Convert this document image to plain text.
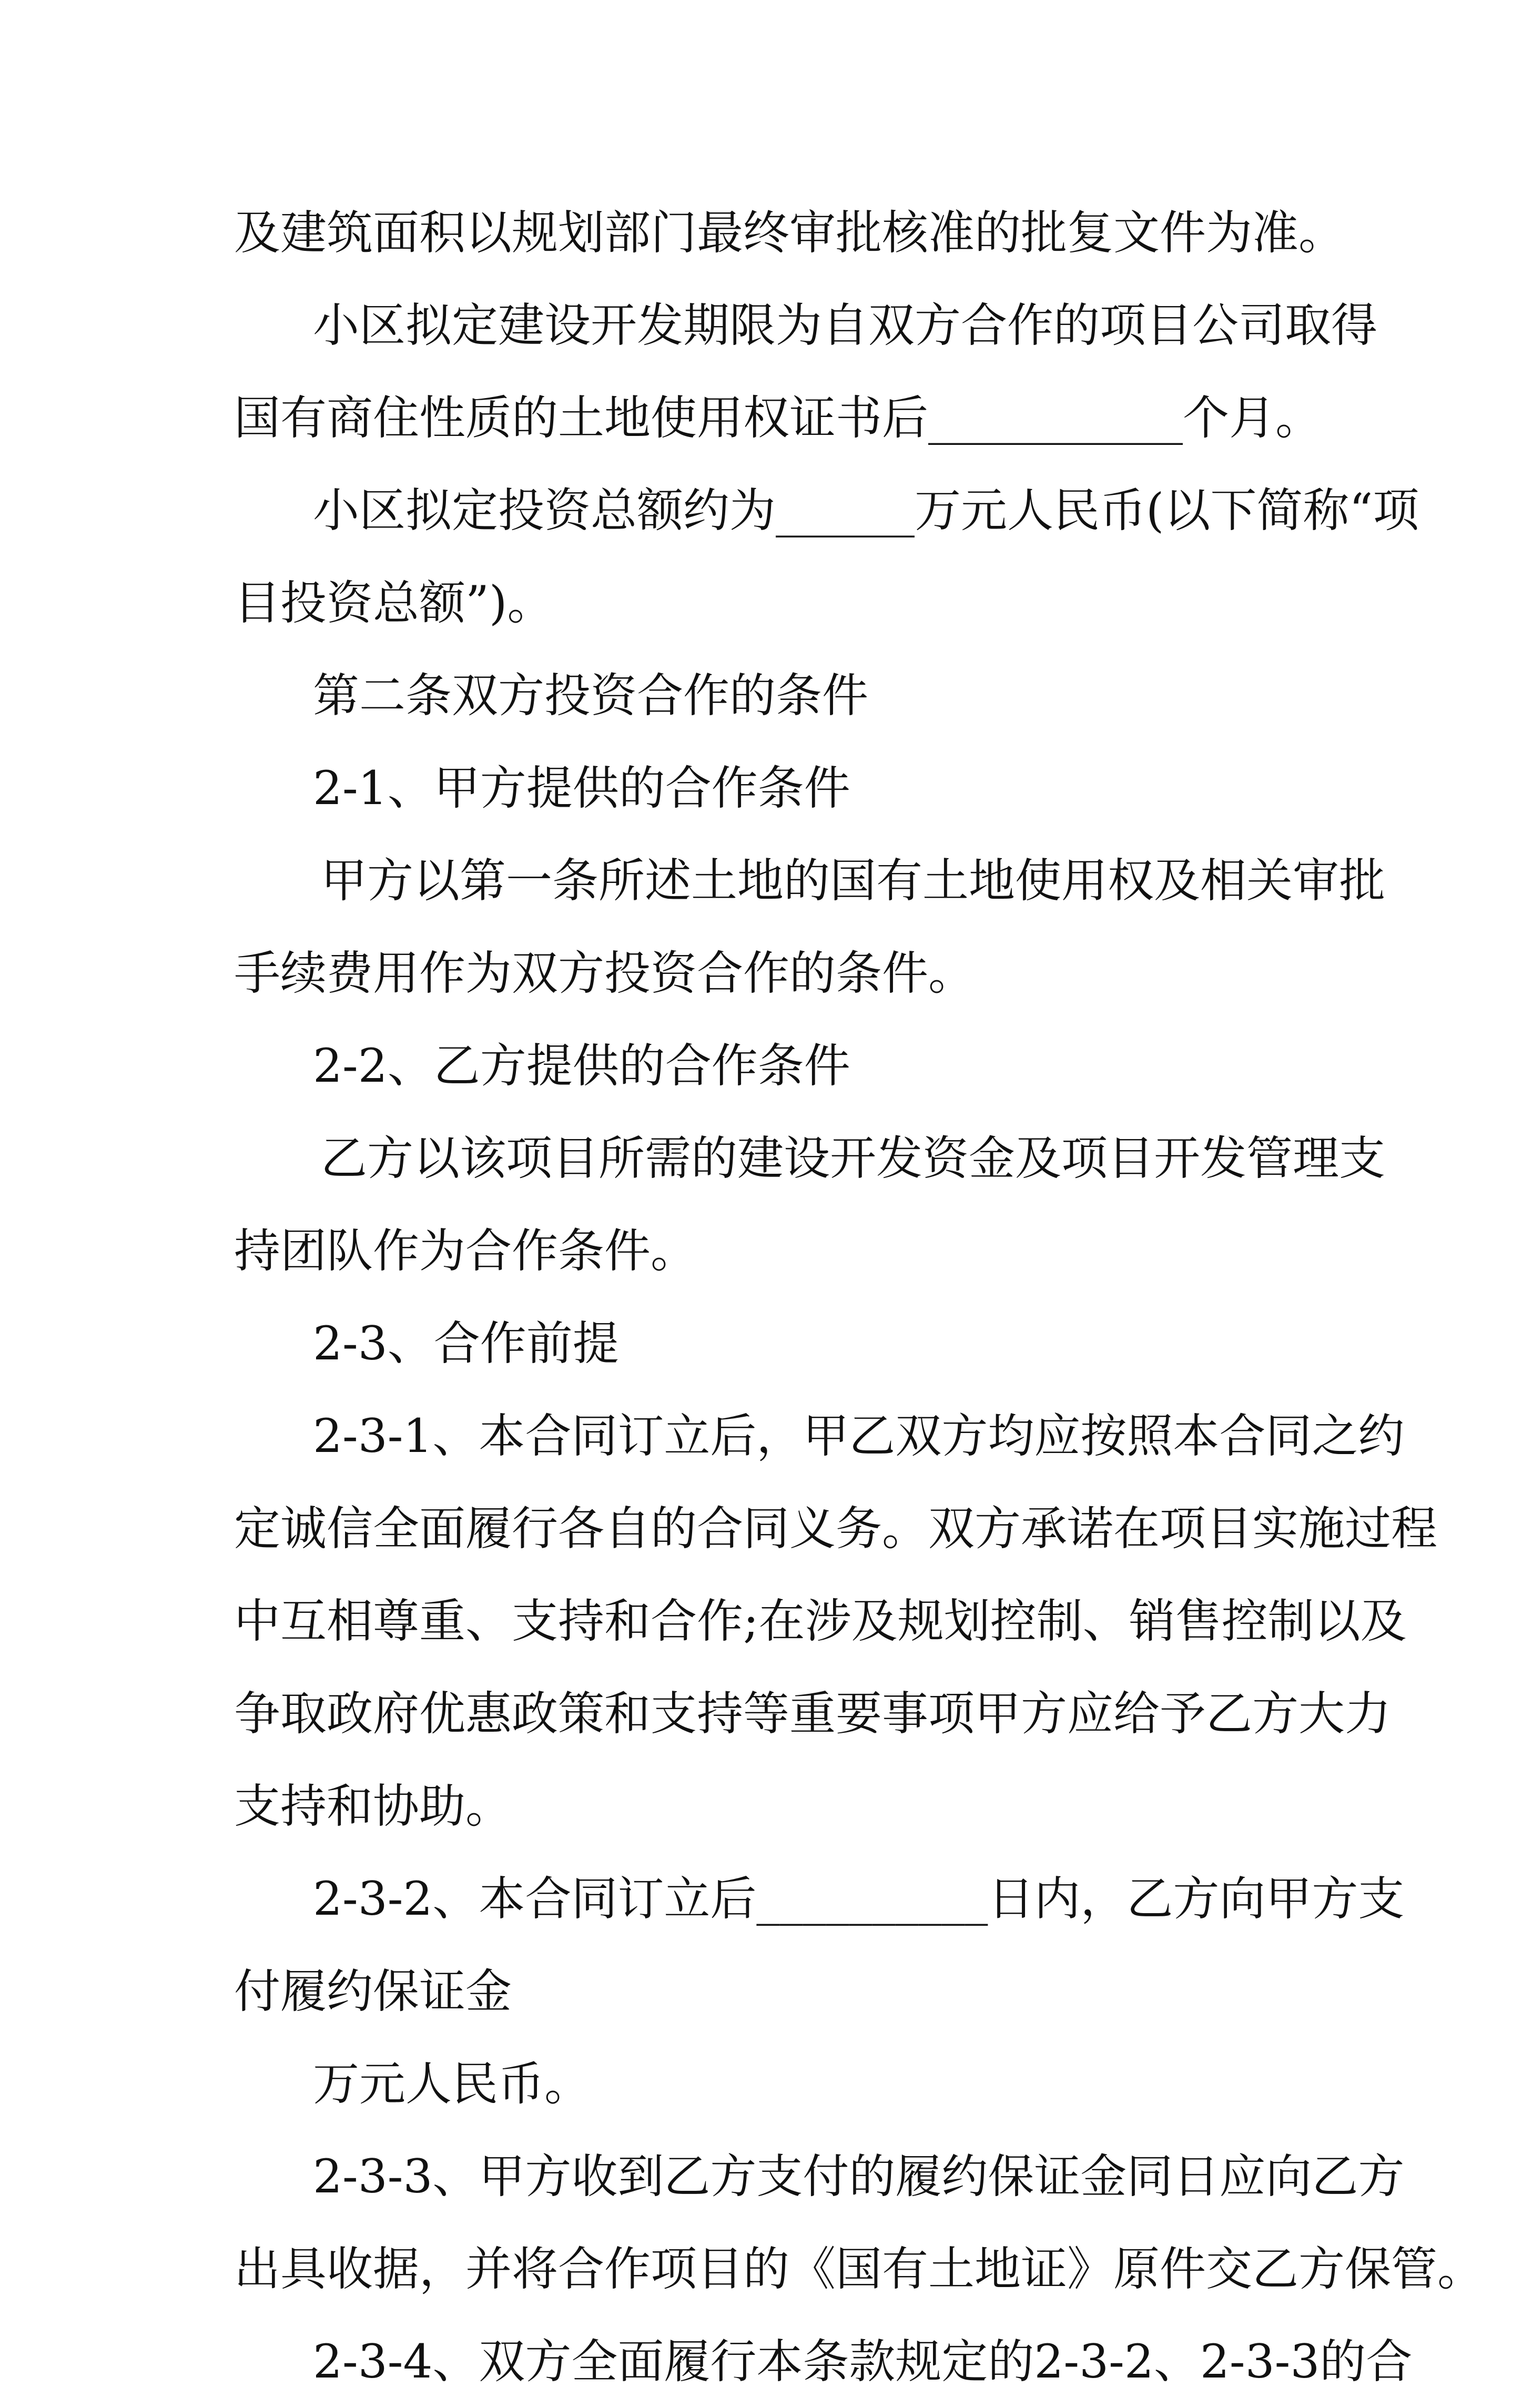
及建筑面积以规划部门最终审批核准的批复文件为准。
小区拟定建设开发期限为自双方合作的项目公司取得
国有商住性质的土地使用权证书后___________个月。
小区拟定投资总额约为______万元人民币(以下简称“项
目投资总额”)。
第二条双方投资合作的条件
2-1、甲方提供的合作条件
甲方以第一条所述土地的国有土地使用权及相关审批
手续费用作为双方投资合作的条件。
2-2、乙方提供的合作条件
乙方以该项目所需的建设开发资金及项目开发管理支
持团队作为合作条件。
2-3、合作前提
2-3-1、本合同订立后，甲乙双方均应按照本合同之约
定诚信全面履行各自的合同义务。双方承诺在项目实施过程
中互相尊重、支持和合作;在涉及规划控制、销售控制以及
争取政府优惠政策和支持等重要事项甲方应给予乙方大力
支持和协助。
2-3-2、本合同订立后__________日内，乙方向甲方支
付履约保证金
万元人民币。
2-3-3、甲方收到乙方支付的履约保证金同日应向乙方
出具收据，并将合作项目的《国有土地证》原件交乙方保管。
2-3-4、双方全面履行本条款规定的2-3-2、2-3-3的合
